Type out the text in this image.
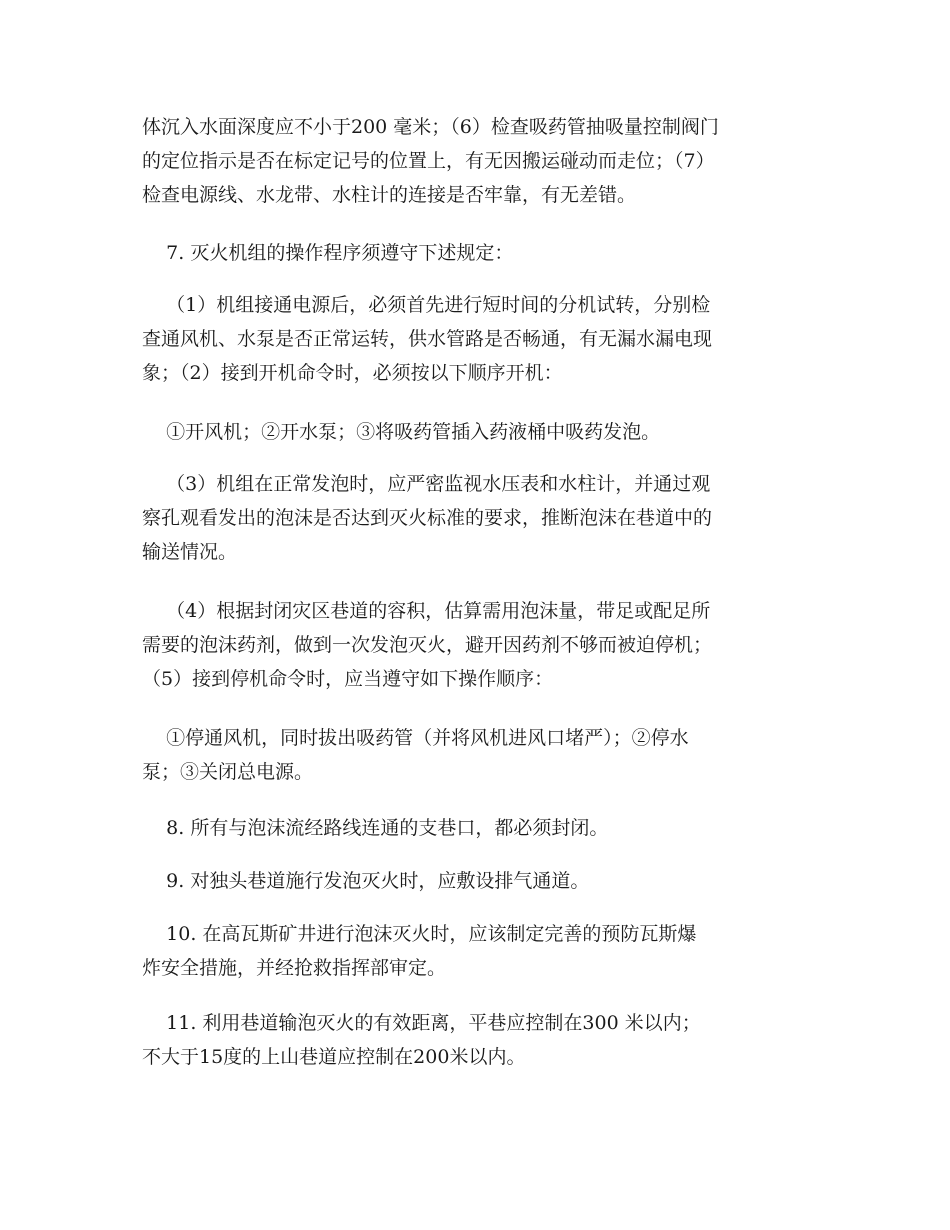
体沉入水面深度应不小于200 毫米；（6）检查吸药管抽吸量控制阀门
的定位指示是否在标定记号的位置上，有无因搬运碰动而走位；（7）
检查电源线、水龙带、水柱计的连接是否牢靠，有无差错。
7. 灭火机组的操作程序须遵守下述规定：
（1）机组接通电源后，必须首先进行短时间的分机试转，分别检
查通风机、水泵是否正常运转，供水管路是否畅通，有无漏水漏电现
象；（2）接到开机命令时，必须按以下顺序开机：
①开风机；②开水泵；③将吸药管插入药液桶中吸药发泡。
（3）机组在正常发泡时，应严密监视水压表和水柱计，并通过观
察孔观看发出的泡沫是否达到灭火标准的要求，推断泡沫在巷道中的
输送情况。
（4）根据封闭灾区巷道的容积，估算需用泡沫量，带足或配足所
需要的泡沫药剂，做到一次发泡灭火，避开因药剂不够而被迫停机；
（5）接到停机命令时，应当遵守如下操作顺序：
①停通风机，同时拔出吸药管（并将风机进风口堵严）；②停水
泵；③关闭总电源。
8. 所有与泡沫流经路线连通的支巷口，都必须封闭。
9. 对独头巷道施行发泡灭火时，应敷设排气通道。
10. 在高瓦斯矿井进行泡沫灭火时，应该制定完善的预防瓦斯爆
炸安全措施，并经抢救指挥部审定。
11. 利用巷道输泡灭火的有效距离，平巷应控制在300 米以内；
不大于15度的上山巷道应控制在200米以内。
